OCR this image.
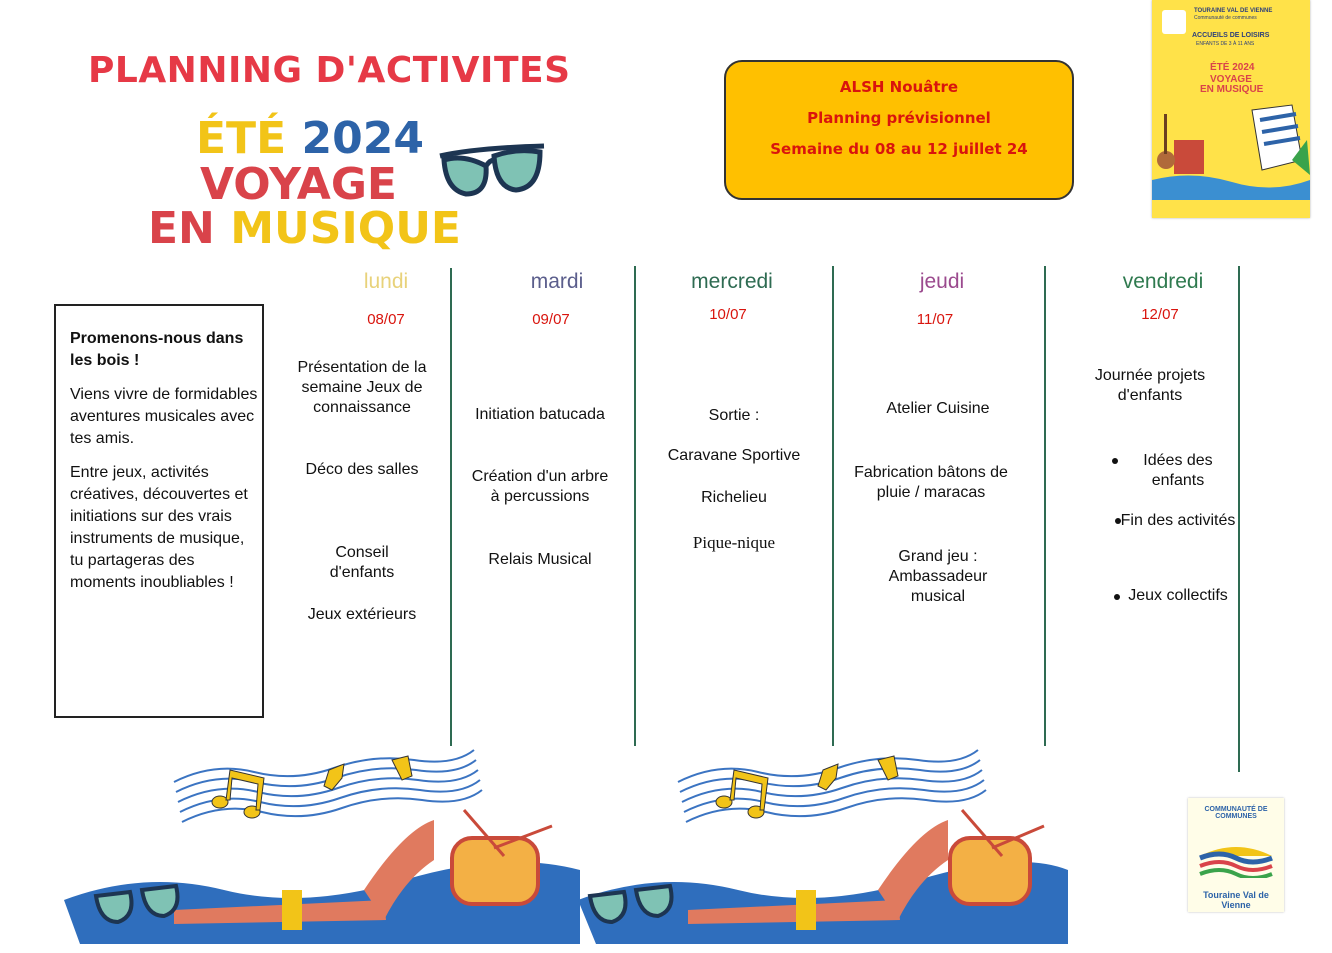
PLANNING D'ACTIVITES
ÉTÉ 2024
VOYAGE
EN MUSIQUE
ALSH Nouâtre
Planning prévisionnel
Semaine du 08 au 12 juillet 24
TOURAINE VAL DE VIENNE
Communauté de communes
ACCUEILS DE LOISIRS
ENFANTS DE 3 À 11 ANS
ÉTÉ 2024
VOYAGE
EN MUSIQUE

Promenons-nous dans les bois !

Viens vivre de formidables aventures musicales avec tes amis.

Entre jeux, activités créatives, découvertes et initiations sur des vrais instruments de musique, tu partageras des moments inoubliables !

lundi
08/07
Présentation de la semaine Jeux de connaissance
Déco des salles
Conseil d'enfants
Jeux extérieurs
mardi
09/07
Initiation batucada
Création d'un arbre à percussions
Relais Musical
mercredi
10/07
Sortie :
Caravane Sportive
Richelieu
Pique-nique
jeudi
11/07
Atelier Cuisine
Fabrication bâtons de pluie / maracas
Grand jeu : Ambassadeur musical
vendredi
12/07
Journée projets d'enfants
Idées des enfants
Fin des activités
Jeux collectifs
COMMUNAUTÉ DE COMMUNES
Touraine Val de Vienne
